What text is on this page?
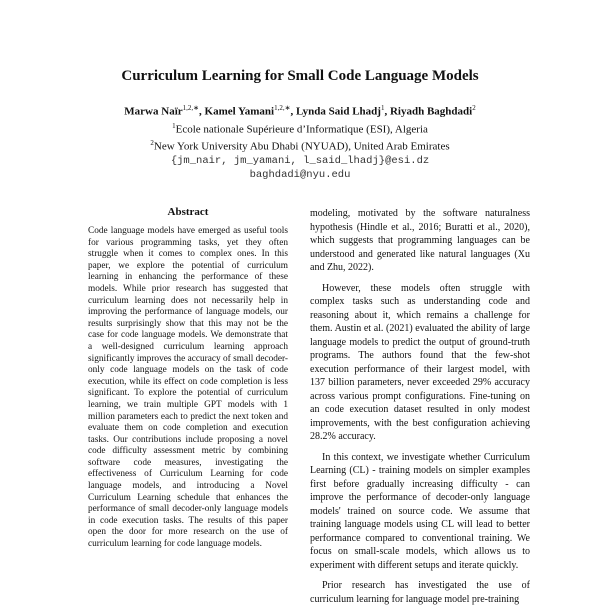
Curriculum Learning for Small Code Language Models
Marwa Naïr$^{1,2,∗}$, Kamel Yamani$^{1,2,∗}$, Lynda Said Lhadj$^1$, Riyadh Baghdadi$^2$
$^1$Ecole nationale Supérieure d’Informatique (ESI), Algeria
$^2$New York University Abu Dhabi (NYUAD), United Arab Emirates
{jm_nair, jm_yamani, l_said_lhadj}@esi.dz
baghdadi@nyu.edu
Abstract
Code language models have emerged as useful tools for various programming tasks, yet they often struggle when it comes to complex ones. In this paper, we explore the potential of curriculum learning in enhancing the performance of these models. While prior research has suggested that curriculum learning does not necessarily help in improving the performance of language models, our results surprisingly show that this may not be the case for code language models. We demonstrate that a well-designed curriculum learning approach significantly improves the accuracy of small decoder-only code language models on the task of code execution, while its effect on code completion is less significant. To explore the potential of curriculum learning, we train multiple GPT models with 1 million parameters each to predict the next token and evaluate them on code completion and execution tasks. Our contributions include proposing a novel code difficulty assessment metric by combining software code measures, investigating the effectiveness of Curriculum Learning for code language models, and introducing a Novel Curriculum Learning schedule that enhances the performance of small decoder-only language models in code execution tasks. The results of this paper open the door for more research on the use of curriculum learning for code language models.

modeling, motivated by the software naturalness hypothesis (Hindle et al., 2016; Buratti et al., 2020), which suggests that programming languages can be understood and generated like natural languages (Xu and Zhu, 2022).

However, these models often struggle with complex tasks such as understanding code and reasoning about it, which remains a challenge for them. Austin et al. (2021) evaluated the ability of large language models to predict the output of ground-truth programs. The authors found that the few-shot execution performance of their largest model, with 137 billion parameters, never exceeded 29% accuracy across various prompt configurations. Fine-tuning on an code execution dataset resulted in only modest improvements, with the best configuration achieving 28.2% accuracy.

In this context, we investigate whether Curriculum Learning (CL) - training models on simpler examples first before gradually increasing difficulty - can improve the performance of decoder-only language models' trained on source code. We assume that training language models using CL will lead to better performance compared to conventional training. We focus on small-scale models, which allows us to experiment with different setups and iterate quickly.

Prior research has investigated the use of curriculum learning for language model pre-training
